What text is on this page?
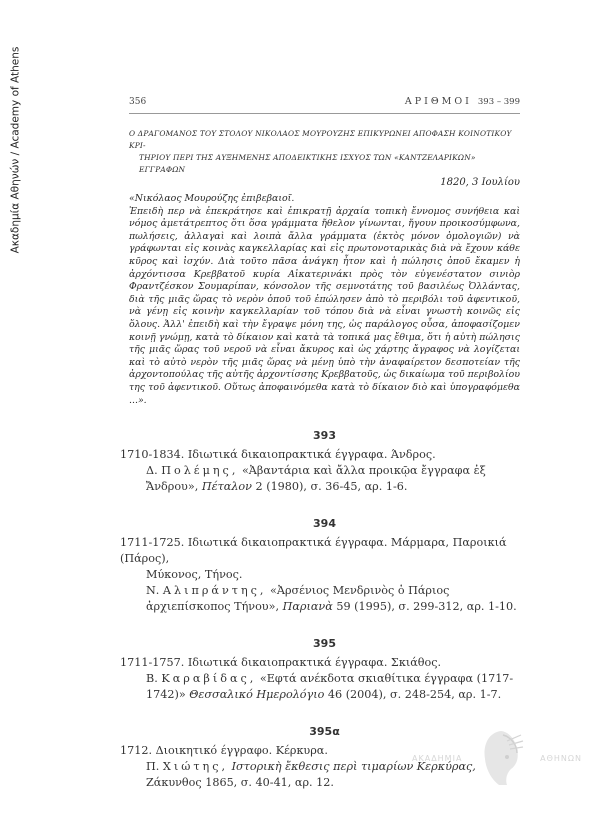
Ακαδημία Αθηνών / Academy of Athens	356	ΑΡΙΘΜΟΙ 393 – 399
Ο ΔΡΑΓΟΜΑΝΟΣ ΤΟΥ ΣΤΟΛΟΥ ΝΙΚΟΛΑΟΣ ΜΟΥΡΟΥΖΗΣ ΕΠΙΚΥΡΩΝΕΙ ΑΠΟΦΑΣΗ ΚΟΙΝΟΤΙΚΟΥ ΚΡΙ-
ΤΗΡΙΟΥ ΠΕΡΙ ΤΗΣ ΑΥΞΗΜΕΝΗΣ ΑΠΟΔΕΙΚΤΙΚΗΣ ΙΣΧΥΟΣ ΤΩΝ «ΚΑΝΤΖΕΛΑΡΙΚΩΝ» ΕΓΓΡΑΦΩΝ
1820, 3 Ιουλίου

«Νικόλαος Μουρούζης ἐπιβεβαιοῖ.

Ἐπειδὴ περ νὰ ἐπεκράτησε καὶ ἐπικρατῇ ἀρχαία τοπικὴ ἔννομος συνήθεια καὶ νόμος ἀμετάτρεπτος ὅτι ὅσα γράμματα ἤθελον γίνωνται, ἤγουν προικοσύμφωνα, πωλήσεις, ἀλλαγαὶ καὶ λοιπὰ ἄλλα γράμματα (ἐκτὸς μόνον ὁμολογιῶν) νὰ γράφωνται εἰς κοινὰς καγκελλαρίας καὶ εἰς πρωτονοταρικὰς διὰ νὰ ἔχουν κάθε κῦρος καὶ ἰσχύν. Διὰ τοῦτο πᾶσα ἀνάγκη ἦτον καὶ ἡ πώλησις ὁποῦ ἔκαμεν ἡ ἀρχόντισσα Κρεββατοῦ κυρία Αἰκατερινάκι πρὸς τὸν εὐγενέστατον σινιὸρ Φραντζέσκον Σουμαρίπαν, κόνσολον τῆς σεμνοτάτης τοῦ βασιλέως Ὀλλάντας, διὰ τῆς μιᾶς ὥρας τὸ νερὸν ὁποῦ τοῦ ἐπώλησεν ἀπὸ τὸ περιβόλι τοῦ ἀφεντικοῦ, νὰ γένῃ εἰς κοινὴν καγκελλαρίαν τοῦ τόπου διὰ νὰ εἶναι γνωστὴ κοινῶς εἰς ὅλους. Ἀλλ' ἐπειδὴ καὶ τὴν ἔγραψε μόνη της, ὡς παράλογος οὖσα, ἀποφασίζομεν κοινῇ γνώμῃ, κατὰ τὸ δίκαιον καὶ κατὰ τὰ τοπικά μας ἔθιμα, ὅτι ἡ αὐτὴ πώλησις τῆς μιᾶς ὥρας τοῦ νεροῦ νὰ εἶναι ἄκυρος καὶ ὡς χάρτης ἄγραφος νὰ λογίζεται καὶ τὸ αὐτὸ νερὸν τῆς μιᾶς ὥρας νὰ μένῃ ὑπὸ τὴν ἀναφαίρετον δεσποτείαν τῆς ἀρχοντοπούλας τῆς αὐτῆς ἀρχοντίσσης Κρεββατοῦς, ὡς δικαίωμα τοῦ περιβολίου της τοῦ ἀφεντικοῦ. Οὕτως ἀποφαινόμεθα κατὰ τὸ δίκαιον διὸ καὶ ὑπογραφόμεθα ...».

393
1710-1834. Ιδιωτικά δικαιοπρακτικά έγγραφα. Άνδρος.
Δ. Πολέμης, «Ἀβαντάρια καὶ ἄλλα προικῷα ἔγγραφα ἐξ Ἄνδρου», Πέταλον 2 (1980), σ. 36-45, αρ. 1-6.
394
1711-1725. Ιδιωτικά δικαιοπρακτικά έγγραφα. Μάρμαρα, Παροικιά (Πάρος),
Μύκονος, Τήνος.
Ν. Αλιπράντης, «Ἀρσένιος Μενδρινὸς ὁ Πάριος ἀρχιεπίσκοπος Τήνου», Παριανὰ 59 (1995), σ. 299-312, αρ. 1-10.
395
1711-1757. Ιδιωτικά δικαιοπρακτικά έγγραφα. Σκιάθος.
Β. Καραβίδας, «Εφτά ανέκδοτα σκιαθίτικα έγγραφα (1717-1742)» Θεσσαλικό Ημερολόγιο 46 (2004), σ. 248-254, αρ. 1-7.
395α
1712. Διοικητικό έγγραφο. Κέρκυρα.
Π. Χιώτης, Ιστορικὴ ἔκθεσις περὶ τιμαρίων Κερκύρας, Ζάκυνθος 1865, σ. 40-41, αρ. 12.
ΑΚΑΔΗΜΙΑ	ΑΘΗΝΩΝ
